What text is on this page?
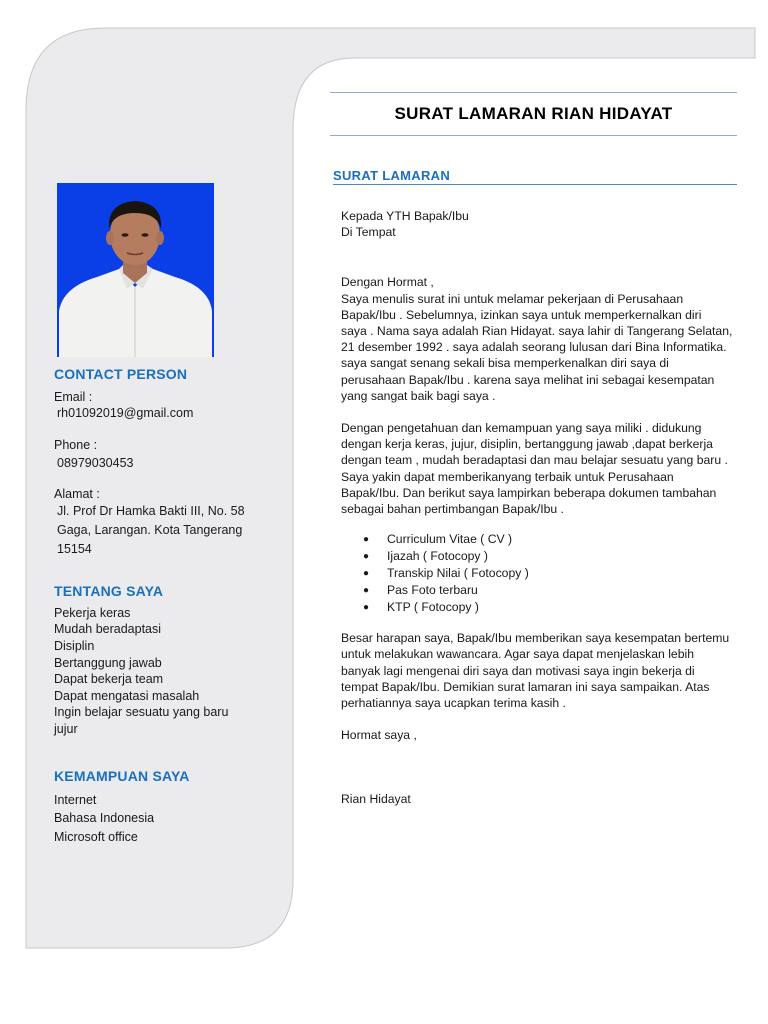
CONTACT PERSON
Email :
rh01092019@gmail.com
Phone :
08979030453
Alamat :
Jl. Prof Dr Hamka Bakti III, No. 58
Gaga, Larangan. Kota Tangerang
15154
TENTANG SAYA
Pekerja keras
Mudah beradaptasi
Disiplin
Bertanggung jawab
Dapat bekerja team
Dapat mengatasi masalah
Ingin belajar sesuatu yang baru
jujur
KEMAMPUAN SAYA
Internet
Bahasa Indonesia
Microsoft office
SURAT LAMARAN RIAN HIDAYAT
SURAT LAMARAN
Kepada YTH Bapak/Ibu
Di Tempat
Dengan Hormat ,
Saya menulis surat ini untuk melamar pekerjaan di Perusahaan
Bapak/Ibu . Sebelumnya, izinkan saya untuk memperkernalkan diri
saya . Nama saya adalah Rian Hidayat. saya lahir di Tangerang Selatan,
21 desember 1992 . saya adalah seorang lulusan dari Bina Informatika.
saya sangat senang sekali bisa memperkenalkan diri saya di
perusahaan Bapak/Ibu . karena saya melihat ini sebagai kesempatan
yang sangat baik bagi saya .
Dengan pengetahuan dan kemampuan yang saya miliki . didukung
dengan kerja keras, jujur, disiplin, bertanggung jawab ,dapat berkerja
dengan team , mudah beradaptasi dan mau belajar sesuatu yang baru .
Saya yakin dapat memberikanyang terbaik untuk Perusahaan
Bapak/Ibu. Dan berikut saya lampirkan beberapa dokumen tambahan
sebagai bahan pertimbangan Bapak/Ibu .
●	Curriculum Vitae ( CV )
●	Ijazah ( Fotocopy )
●	Transkip Nilai ( Fotocopy )
●	Pas Foto terbaru
●	KTP ( Fotocopy )
Besar harapan saya, Bapak/Ibu memberikan saya kesempatan bertemu
untuk melakukan wawancara. Agar saya dapat menjelaskan lebih
banyak lagi mengenai diri saya dan motivasi saya ingin bekerja di
tempat Bapak/Ibu. Demikian surat lamaran ini saya sampaikan. Atas
perhatiannya saya ucapkan terima kasih .
Hormat saya ,
Rian Hidayat
